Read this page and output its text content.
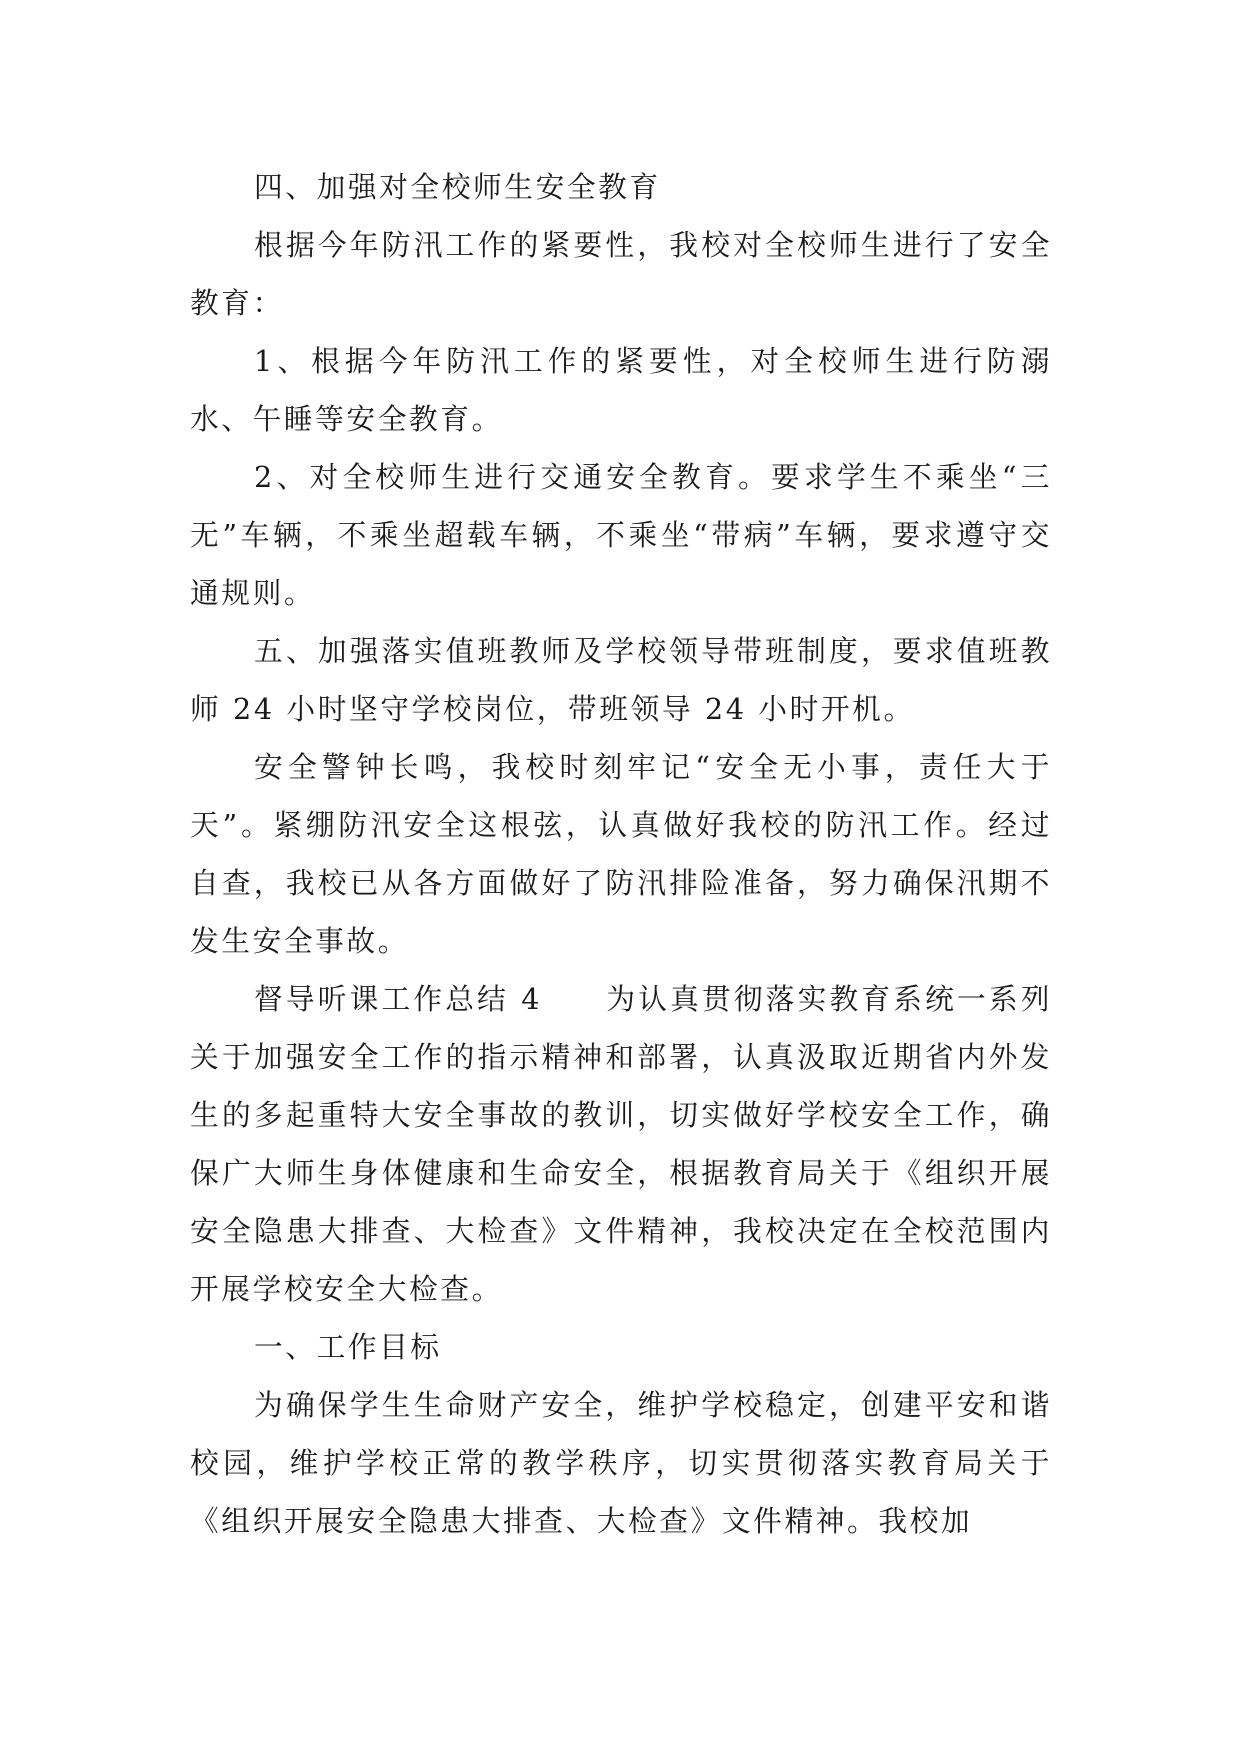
四、加强对全校师生安全教育

根据今年防汛工作的紧要性，我校对全校师生进行了安全教育：

1、根据今年防汛工作的紧要性，对全校师生进行防溺水、午睡等安全教育。

2、对全校师生进行交通安全教育。要求学生不乘坐“三无”车辆，不乘坐超载车辆，不乘坐“带病”车辆，要求遵守交通规则。

五、加强落实值班教师及学校领导带班制度，要求值班教师 24 小时坚守学校岗位，带班领导 24 小时开机。

安全警钟长鸣，我校时刻牢记“安全无小事，责任大于天”。紧绷防汛安全这根弦，认真做好我校的防汛工作。经过自查，我校已从各方面做好了防汛排险准备，努力确保汛期不发生安全事故。

督导听课工作总结 4　　为认真贯彻落实教育系统一系列关于加强安全工作的指示精神和部署，认真汲取近期省内外发生的多起重特大安全事故的教训，切实做好学校安全工作，确保广大师生身体健康和生命安全，根据教育局关于《组织开展安全隐患大排查、大检查》文件精神，我校决定在全校范围内开展学校安全大检查。

一、工作目标

为确保学生生命财产安全，维护学校稳定，创建平安和谐校园，维护学校正常的教学秩序，切实贯彻落实教育局关于《组织开展安全隐患大排查、大检查》文件精神。我校加
